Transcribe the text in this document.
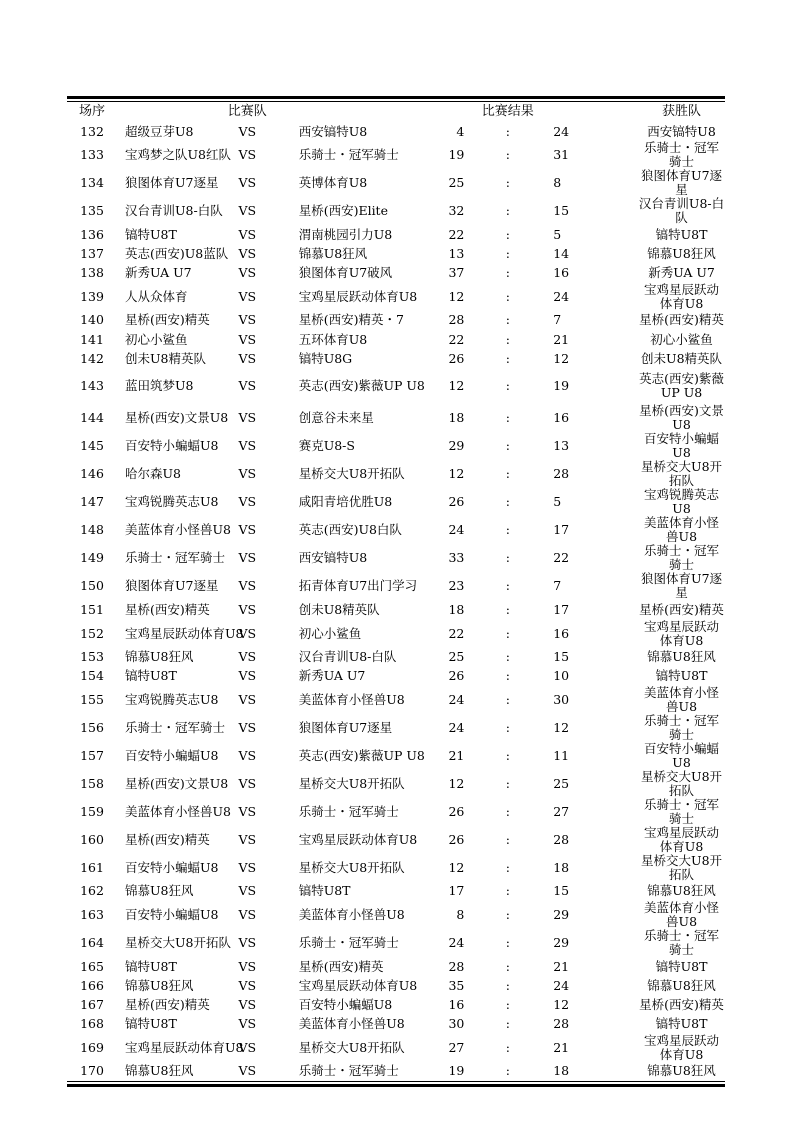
场序	比赛队			比赛结果			获胜队
132	超级豆芽U8	VS	西安镐特U8	4	:	24	西安镐特U8
133	宝鸡梦之队U8红队	VS	乐骑士・冠军骑士	19	:	31	乐骑士・冠军骑士
134	狼图体育U7逐星	VS	英博体育U8	25	:	8	狼图体育U7逐星
135	汉台青训U8-白队	VS	星桥(西安)Elite	32	:	15	汉台青训U8-白队
136	镐特U8T	VS	渭南桃园引力U8	22	:	5	镐特U8T
137	英志(西安)U8蓝队	VS	锦慕U8狂风	13	:	14	锦慕U8狂风
138	新秀UA U7	VS	狼图体育U7破风	37	:	16	新秀UA U7
139	人从众体育	VS	宝鸡星辰跃动体育U8	12	:	24	宝鸡星辰跃动体育U8
140	星桥(西安)精英	VS	星桥(西安)精英・7	28	:	7	星桥(西安)精英
141	初心小鲨鱼	VS	五环体育U8	22	:	21	初心小鲨鱼
142	创未U8精英队	VS	镐特U8G	26	:	12	创未U8精英队
143	蓝田筑梦U8	VS	英志(西安)紫薇UP U8	12	:	19	英志(西安)紫薇UP U8
144	星桥(西安)文景U8	VS	创意谷未来星	18	:	16	星桥(西安)文景U8
145	百安特小蝙蝠U8	VS	赛克U8-S	29	:	13	百安特小蝙蝠U8
146	哈尔森U8	VS	星桥交大U8开拓队	12	:	28	星桥交大U8开拓队
147	宝鸡锐腾英志U8	VS	咸阳青培优胜U8	26	:	5	宝鸡锐腾英志U8
148	美蓝体育小怪兽U8	VS	英志(西安)U8白队	24	:	17	美蓝体育小怪兽U8
149	乐骑士・冠军骑士	VS	西安镐特U8	33	:	22	乐骑士・冠军骑士
150	狼图体育U7逐星	VS	拓青体育U7出门学习	23	:	7	狼图体育U7逐星
151	星桥(西安)精英	VS	创未U8精英队	18	:	17	星桥(西安)精英
152	宝鸡星辰跃动体育U8	VS	初心小鲨鱼	22	:	16	宝鸡星辰跃动体育U8
153	锦慕U8狂风	VS	汉台青训U8-白队	25	:	15	锦慕U8狂风
154	镐特U8T	VS	新秀UA U7	26	:	10	镐特U8T
155	宝鸡锐腾英志U8	VS	美蓝体育小怪兽U8	24	:	30	美蓝体育小怪兽U8
156	乐骑士・冠军骑士	VS	狼图体育U7逐星	24	:	12	乐骑士・冠军骑士
157	百安特小蝙蝠U8	VS	英志(西安)紫薇UP U8	21	:	11	百安特小蝙蝠U8
158	星桥(西安)文景U8	VS	星桥交大U8开拓队	12	:	25	星桥交大U8开拓队
159	美蓝体育小怪兽U8	VS	乐骑士・冠军骑士	26	:	27	乐骑士・冠军骑士
160	星桥(西安)精英	VS	宝鸡星辰跃动体育U8	26	:	28	宝鸡星辰跃动体育U8
161	百安特小蝙蝠U8	VS	星桥交大U8开拓队	12	:	18	星桥交大U8开拓队
162	锦慕U8狂风	VS	镐特U8T	17	:	15	锦慕U8狂风
163	百安特小蝙蝠U8	VS	美蓝体育小怪兽U8	8	:	29	美蓝体育小怪兽U8
164	星桥交大U8开拓队	VS	乐骑士・冠军骑士	24	:	29	乐骑士・冠军骑士
165	镐特U8T	VS	星桥(西安)精英	28	:	21	镐特U8T
166	锦慕U8狂风	VS	宝鸡星辰跃动体育U8	35	:	24	锦慕U8狂风
167	星桥(西安)精英	VS	百安特小蝙蝠U8	16	:	12	星桥(西安)精英
168	镐特U8T	VS	美蓝体育小怪兽U8	30	:	28	镐特U8T
169	宝鸡星辰跃动体育U8	VS	星桥交大U8开拓队	27	:	21	宝鸡星辰跃动体育U8
170	锦慕U8狂风	VS	乐骑士・冠军骑士	19	:	18	锦慕U8狂风
